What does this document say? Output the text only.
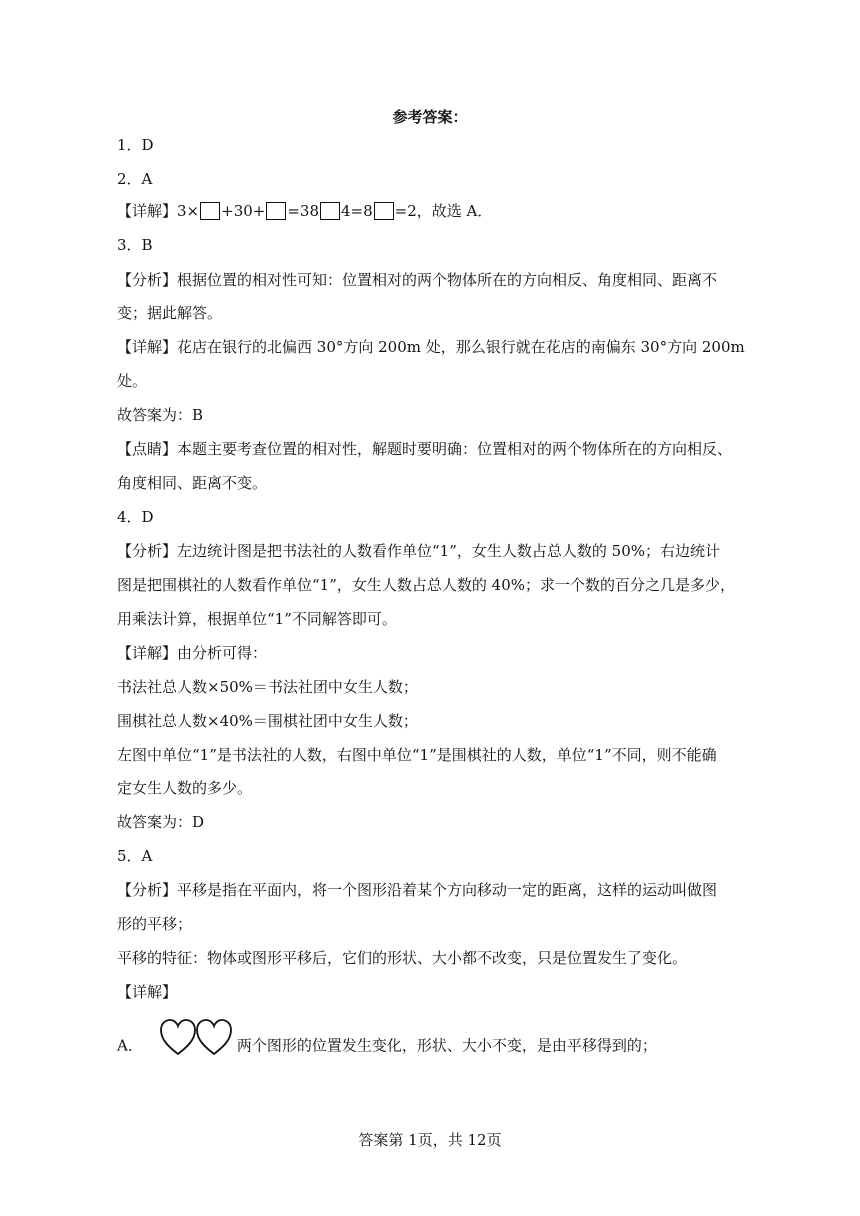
参考答案：
1．D
2．A
【详解】3× +30+ =38 4=8 =2，故选 A．
3．B
【分析】根据位置的相对性可知：位置相对的两个物体所在的方向相反、角度相同、距离不
变；据此解答。
【详解】花店在银行的北偏西 30°方向 200m 处，那么银行就在花店的南偏东 30°方向 200m
处。
故答案为：B
【点睛】本题主要考查位置的相对性，解题时要明确：位置相对的两个物体所在的方向相反、
角度相同、距离不变。
4．D
【分析】左边统计图是把书法社的人数看作单位“1”，女生人数占总人数的 50%；右边统计
图是把围棋社的人数看作单位“1”，女生人数占总人数的 40%；求一个数的百分之几是多少，
用乘法计算，根据单位“1”不同解答即可。
【详解】由分析可得：
书法社总人数×50%＝书法社团中女生人数；
围棋社总人数×40%＝围棋社团中女生人数；
左图中单位“1”是书法社的人数，右图中单位“1”是围棋社的人数，单位“1”不同，则不能确
定女生人数的多少。
故答案为：D
5．A
【分析】平移是指在平面内，将一个图形沿着某个方向移动一定的距离，这样的运动叫做图
形的平移；
平移的特征：物体或图形平移后，它们的形状、大小都不改变，只是位置发生了变化。
【详解】
A．	两个图形的位置发生变化，形状、大小不变，是由平移得到的；
答案第 1页，共 12页
